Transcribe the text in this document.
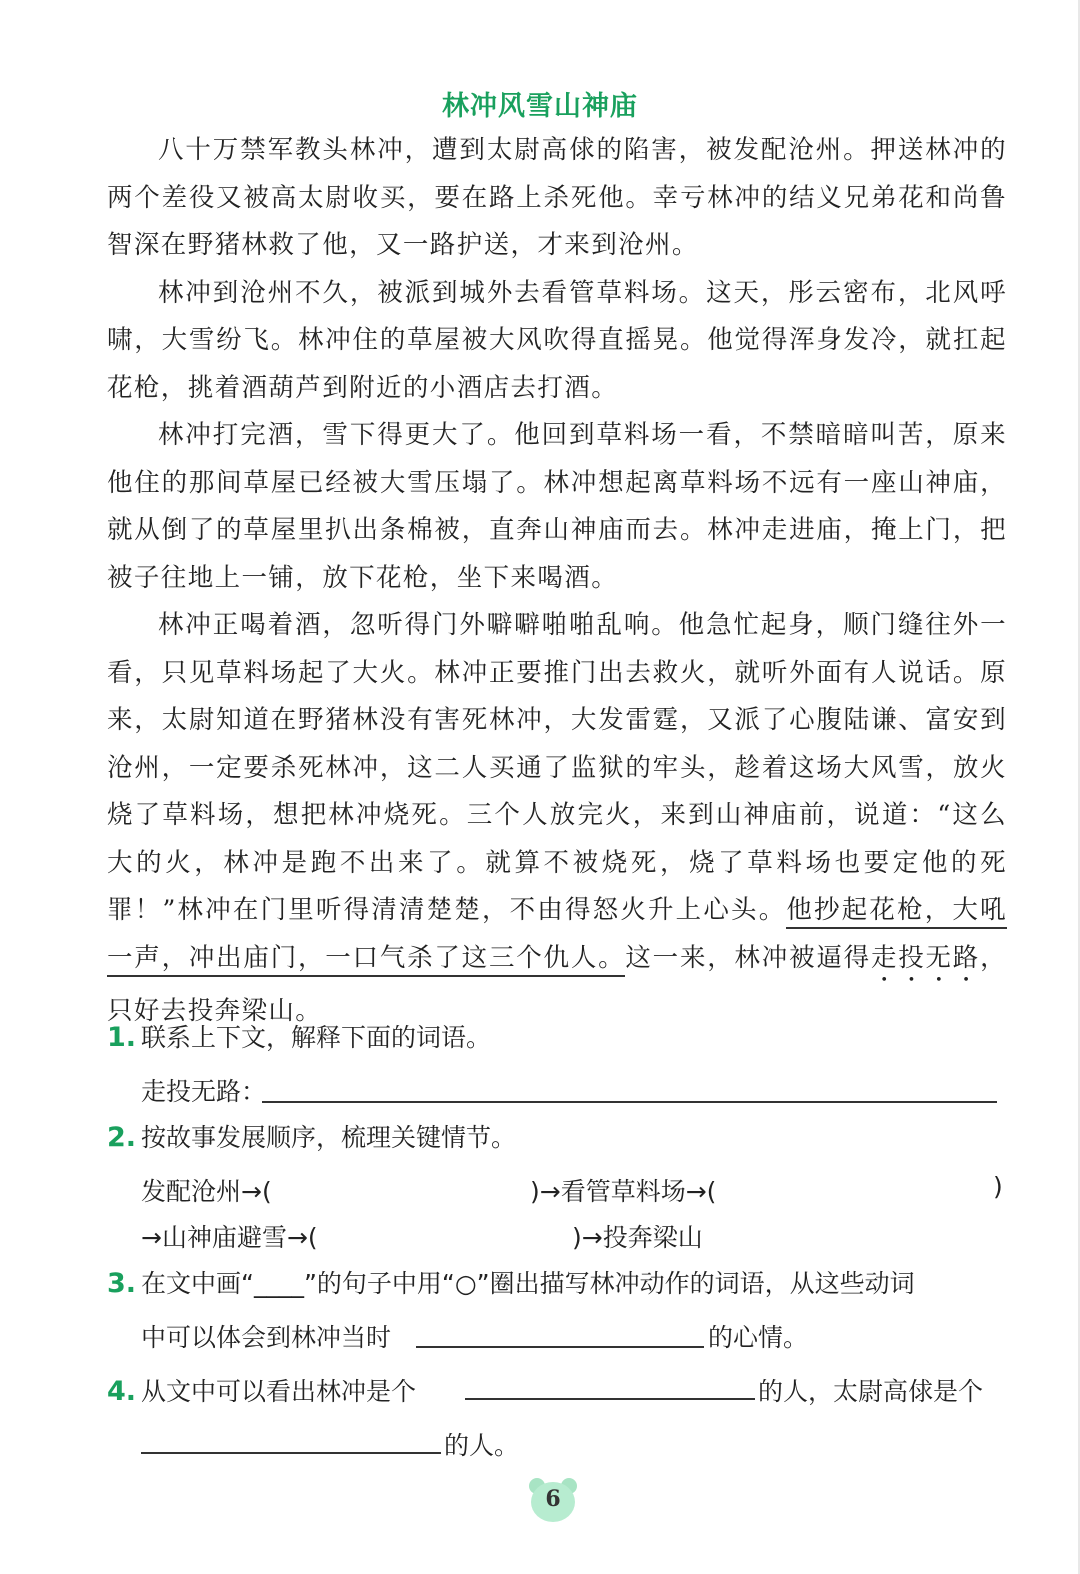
林冲风雪山神庙

八十万禁军教头林冲，遭到太尉高俅的陷害，被发配沧州。押送林冲的两个差役又被高太尉收买，要在路上杀死他。幸亏林冲的结义兄弟花和尚鲁智深在野猪林救了他，又一路护送，才来到沧州。

林冲到沧州不久，被派到城外去看管草料场。这天，彤云密布，北风呼啸，大雪纷飞。林冲住的草屋被大风吹得直摇晃。他觉得浑身发冷，就扛起花枪，挑着酒葫芦到附近的小酒店去打酒。

林冲打完酒，雪下得更大了。他回到草料场一看，不禁暗暗叫苦，原来他住的那间草屋已经被大雪压塌了。林冲想起离草料场不远有一座山神庙，就从倒了的草屋里扒出条棉被，直奔山神庙而去。林冲走进庙，掩上门，把被子往地上一铺，放下花枪，坐下来喝酒。

林冲正喝着酒，忽听得门外噼噼啪啪乱响。他急忙起身，顺门缝往外一看，只见草料场起了大火。林冲正要推门出去救火，就听外面有人说话。原来，太尉知道在野猪林没有害死林冲，大发雷霆，又派了心腹陆谦、富安到沧州，一定要杀死林冲，这二人买通了监狱的牢头，趁着这场大风雪，放火烧了草料场，想把林冲烧死。三个人放完火，来到山神庙前，说道：“这么大的火，林冲是跑不出来了。就算不被烧死，烧了草料场也要定他的死罪！”林冲在门里听得清清楚楚，不由得怒火升上心头。他抄起花枪，大吼一声，冲出庙门，一口气杀了这三个仇人。这一来，林冲被逼得走投无路，只好去投奔梁山。

1. 联系上下文，解释下面的词语。
走投无路：
2. 按故事发展顺序，梳理关键情节。
发配沧州→(	)→看管草料场→(	)
→山神庙避雪→(	)→投奔梁山
3. 在文中画“____”的句子中用“○”圈出描写林冲动作的词语，从这些动词
中可以体会到林冲当时	的心情。
4. 从文中可以看出林冲是个	的人，太尉高俅是个
的人。
6
